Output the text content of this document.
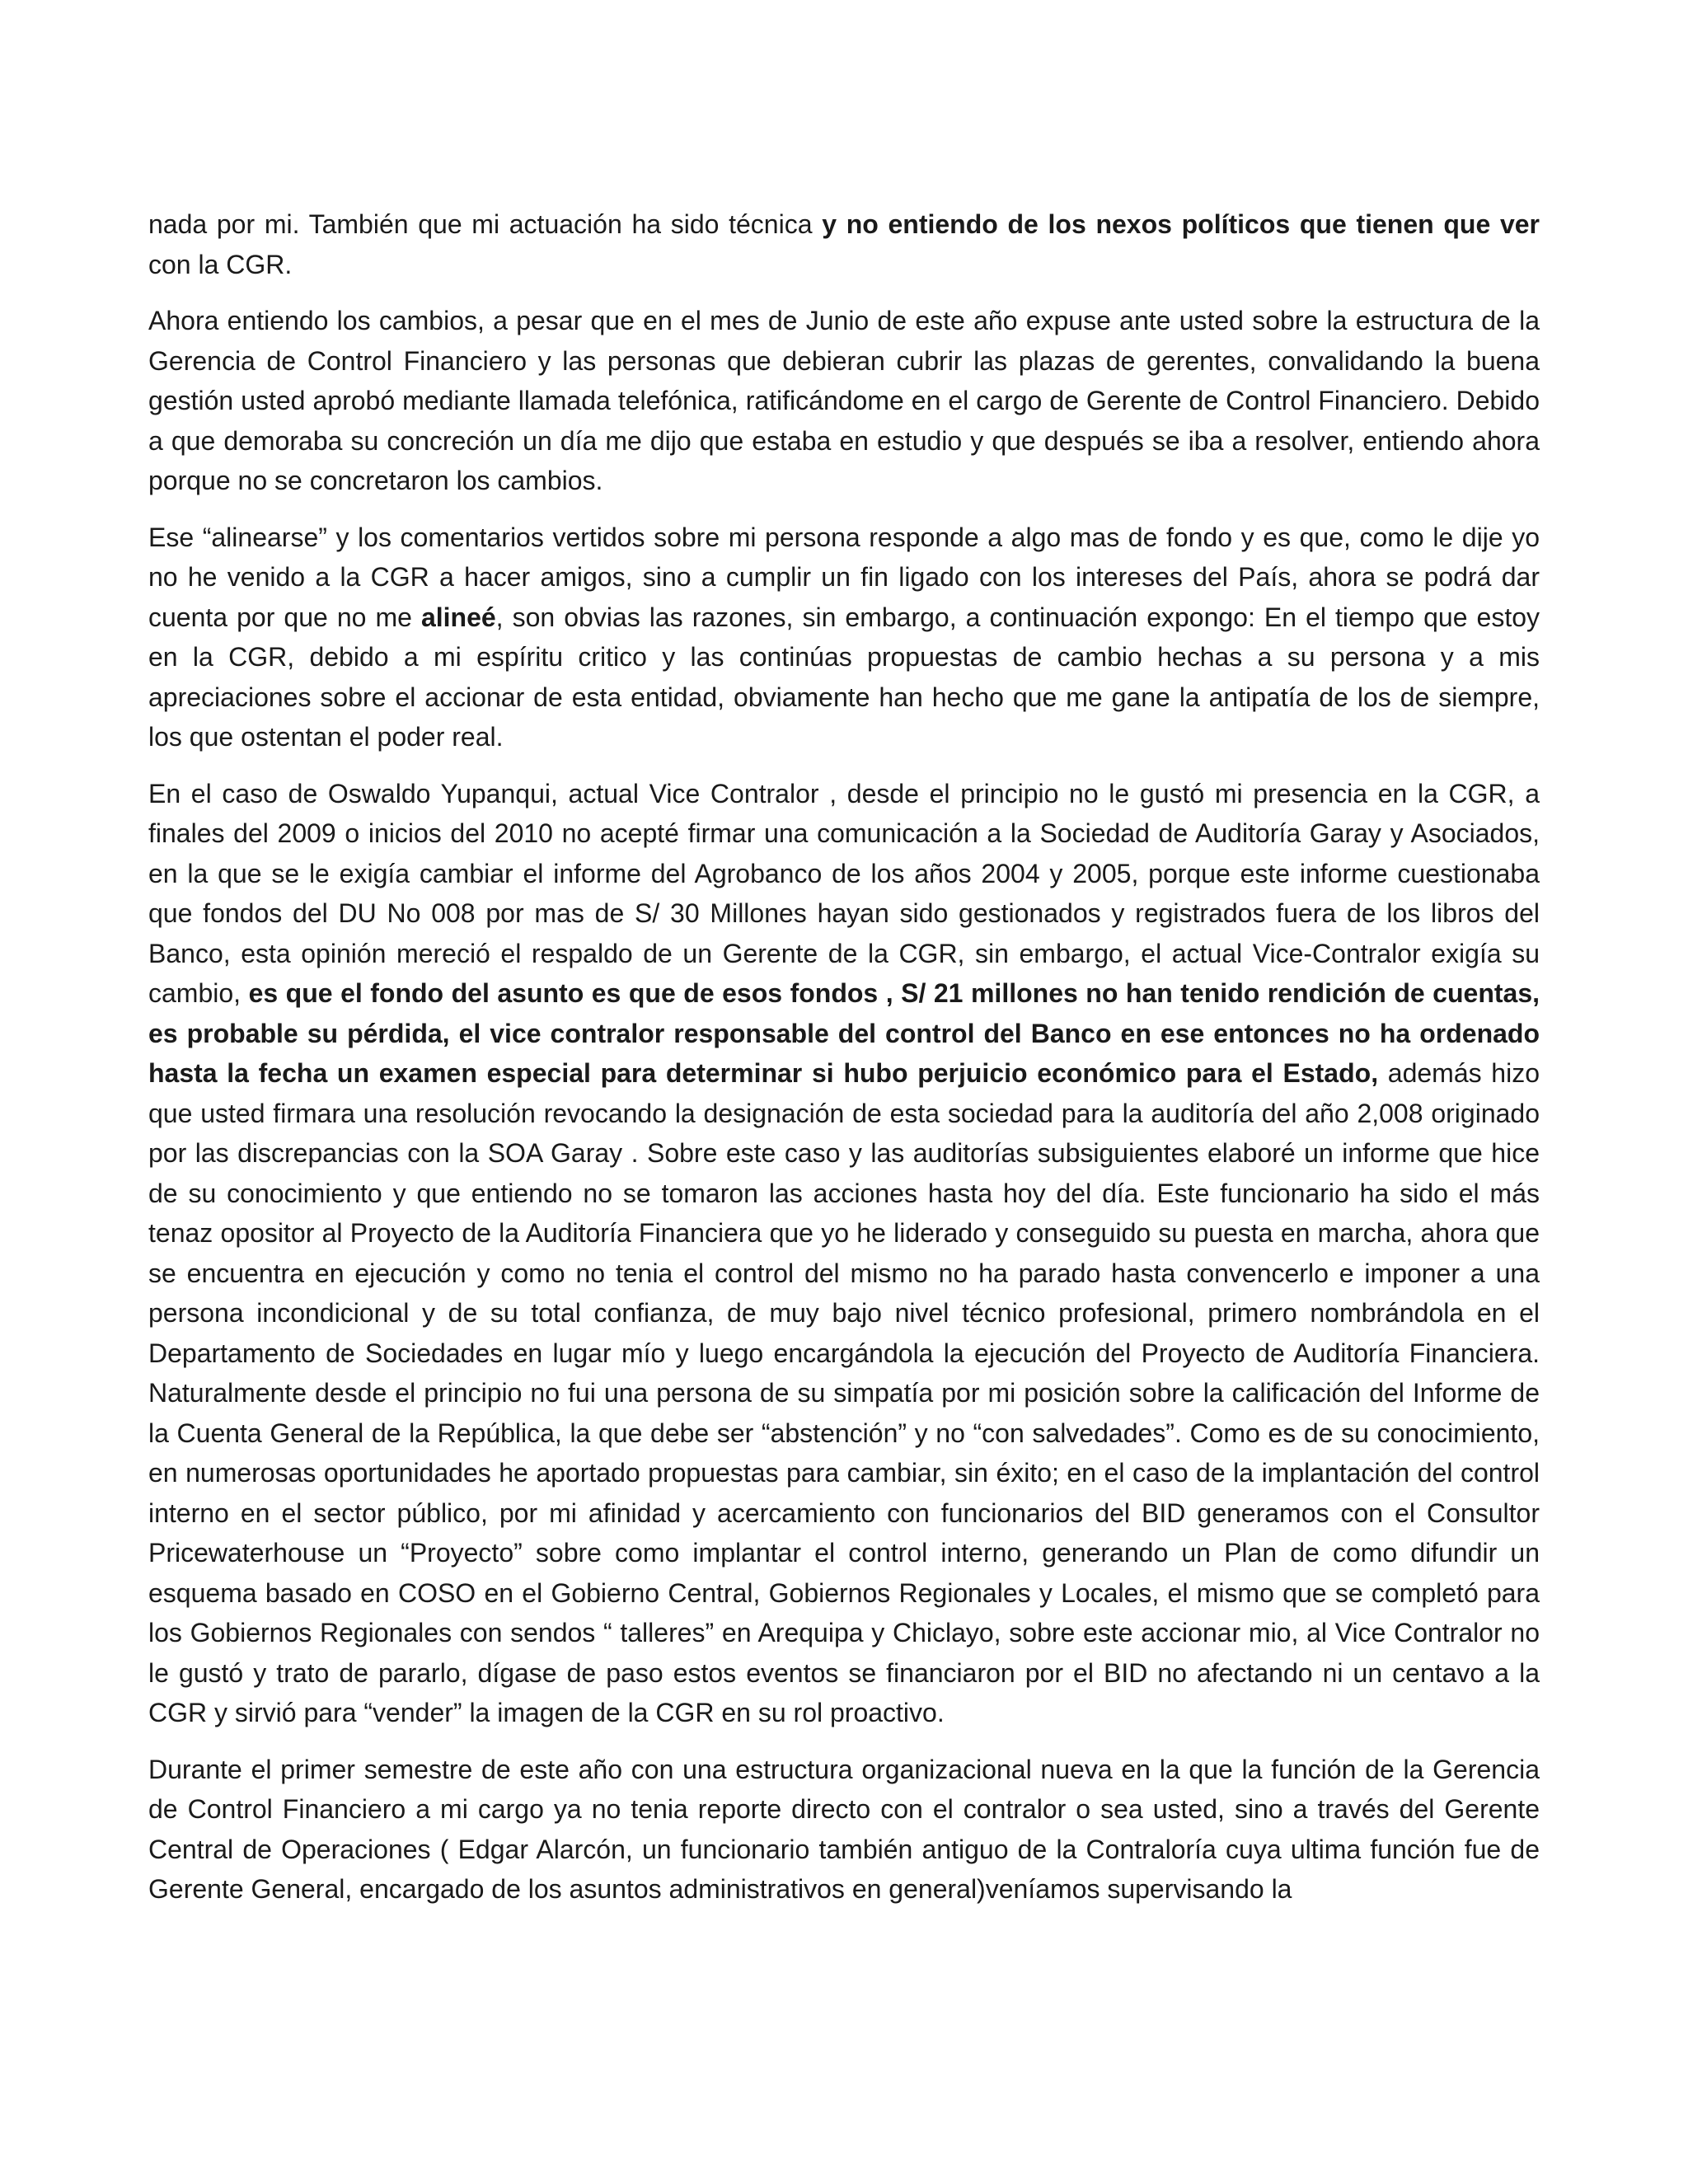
nada por mi. También que mi actuación ha sido técnica y no entiendo de los nexos políticos que tienen que ver con la CGR.

Ahora entiendo los cambios, a pesar que en el mes de Junio de este año expuse ante usted sobre la estructura de la Gerencia de Control Financiero y las personas que debieran cubrir las plazas de gerentes, convalidando la buena gestión usted aprobó mediante llamada telefónica, ratificándome en el cargo de Gerente de Control Financiero. Debido a que demoraba su concreción un día me dijo que estaba en estudio y que después se iba a resolver, entiendo ahora porque no se concretaron los cambios.

Ese “alinearse” y los comentarios vertidos sobre mi persona responde a algo mas de fondo y es que, como le dije yo no he venido a la CGR a hacer amigos, sino a cumplir un fin ligado con los intereses del País, ahora se podrá dar cuenta por que no me alineé, son obvias las razones, sin embargo, a continuación expongo: En el tiempo que estoy en la CGR, debido a mi espíritu critico y las continúas propuestas de cambio hechas a su persona y a mis apreciaciones sobre el accionar de esta entidad, obviamente han hecho que me gane la antipatía de los de siempre, los que ostentan el poder real.

En el caso de Oswaldo Yupanqui, actual Vice Contralor , desde el principio no le gustó mi presencia en la CGR, a finales del 2009 o inicios del 2010 no acepté firmar una comunicación a la Sociedad de Auditoría Garay y Asociados, en la que se le exigía cambiar el informe del Agrobanco de los años 2004 y 2005, porque este informe cuestionaba que fondos del DU No 008 por mas de S/ 30 Millones hayan sido gestionados y registrados fuera de los libros del Banco, esta opinión mereció el respaldo de un Gerente de la CGR, sin embargo, el actual Vice-Contralor exigía su cambio, es que el fondo del asunto es que de esos fondos , S/ 21 millones no han tenido rendición de cuentas, es probable su pérdida, el vice contralor responsable del control del Banco en ese entonces no ha ordenado hasta la fecha un examen especial para determinar si hubo perjuicio económico para el Estado, además hizo que usted firmara una resolución revocando la designación de esta sociedad para la auditoría del año 2,008 originado por las discrepancias con la SOA Garay . Sobre este caso y las auditorías subsiguientes elaboré un informe que hice de su conocimiento y que entiendo no se tomaron las acciones hasta hoy del día. Este funcionario ha sido el más tenaz opositor al Proyecto de la Auditoría Financiera que yo he liderado y conseguido su puesta en marcha, ahora que se encuentra en ejecución y como no tenia el control del mismo no ha parado hasta convencerlo e imponer a una persona incondicional y de su total confianza, de muy bajo nivel técnico profesional, primero nombrándola en el Departamento de Sociedades en lugar mío y luego encargándola la ejecución del Proyecto de Auditoría Financiera. Naturalmente desde el principio no fui una persona de su simpatía por mi posición sobre la calificación del Informe de la Cuenta General de la República, la que debe ser “abstención” y no “con salvedades”. Como es de su conocimiento, en numerosas oportunidades he aportado propuestas para cambiar, sin éxito; en el caso de la implantación del control interno en el sector público, por mi afinidad y acercamiento con funcionarios del BID generamos con el Consultor Pricewaterhouse un “Proyecto” sobre como implantar el control interno, generando un Plan de como difundir un esquema basado en COSO en el Gobierno Central, Gobiernos Regionales y Locales, el mismo que se completó para los Gobiernos Regionales con sendos “ talleres” en Arequipa y Chiclayo, sobre este accionar mio, al Vice Contralor no le gustó y trato de pararlo, dígase de paso estos eventos se financiaron por el BID no afectando ni un centavo a la CGR y sirvió para “vender” la imagen de la CGR en su rol proactivo.

Durante el primer semestre de este año con una estructura organizacional nueva en la que la función de la Gerencia de Control Financiero a mi cargo ya no tenia reporte directo con el contralor o sea usted, sino a través del Gerente Central de Operaciones ( Edgar Alarcón, un funcionario también antiguo de la Contraloría cuya ultima función fue de Gerente General, encargado de los asuntos administrativos en general)veníamos supervisando la
